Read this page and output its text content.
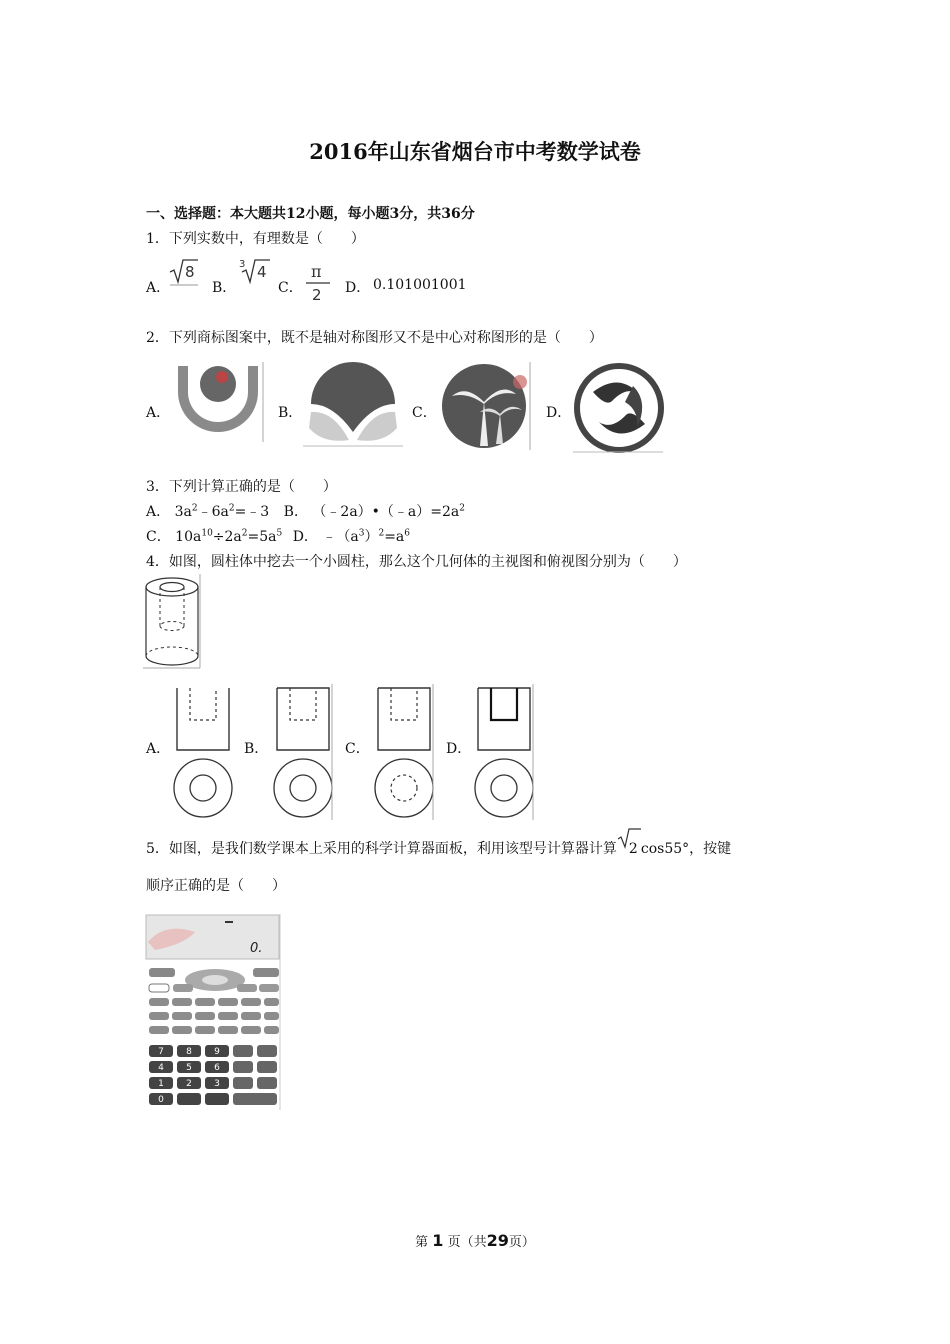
2016年山东省烟台市中考数学试卷
一、选择题：本大题共12小题，每小题3分，共36分
1．下列实数中，有理数是（　　）
A．
8
B．
3 4
C．
π
2 D． 0.101001001
2．下列商标图案中，既不是轴对称图形又不是中心对称图形的是（　　）
A．	B．	C．	D．
3．下列计算正确的是（　　）
A． $3a^2﹣6a^2=﹣3$ B． $(﹣2a)•(﹣a)=2a^2$
C． $10a^{10}\div 2a^2=5a^5$ D． $﹣(a^3)^2=a^6$
4．如图，圆柱体中挖去一个小圆柱，那么这个几何体的主视图和俯视图分别为（　　）
A．	B．	C．	D．
5．如图，是我们数学课本上采用的科学计算器面板，利用该型号计算器计算 2 cos55°，按键
顺序正确的是（　　）
0.
7 8 9
4 5 6
1 2 3
0
第 1 页（共29页）
